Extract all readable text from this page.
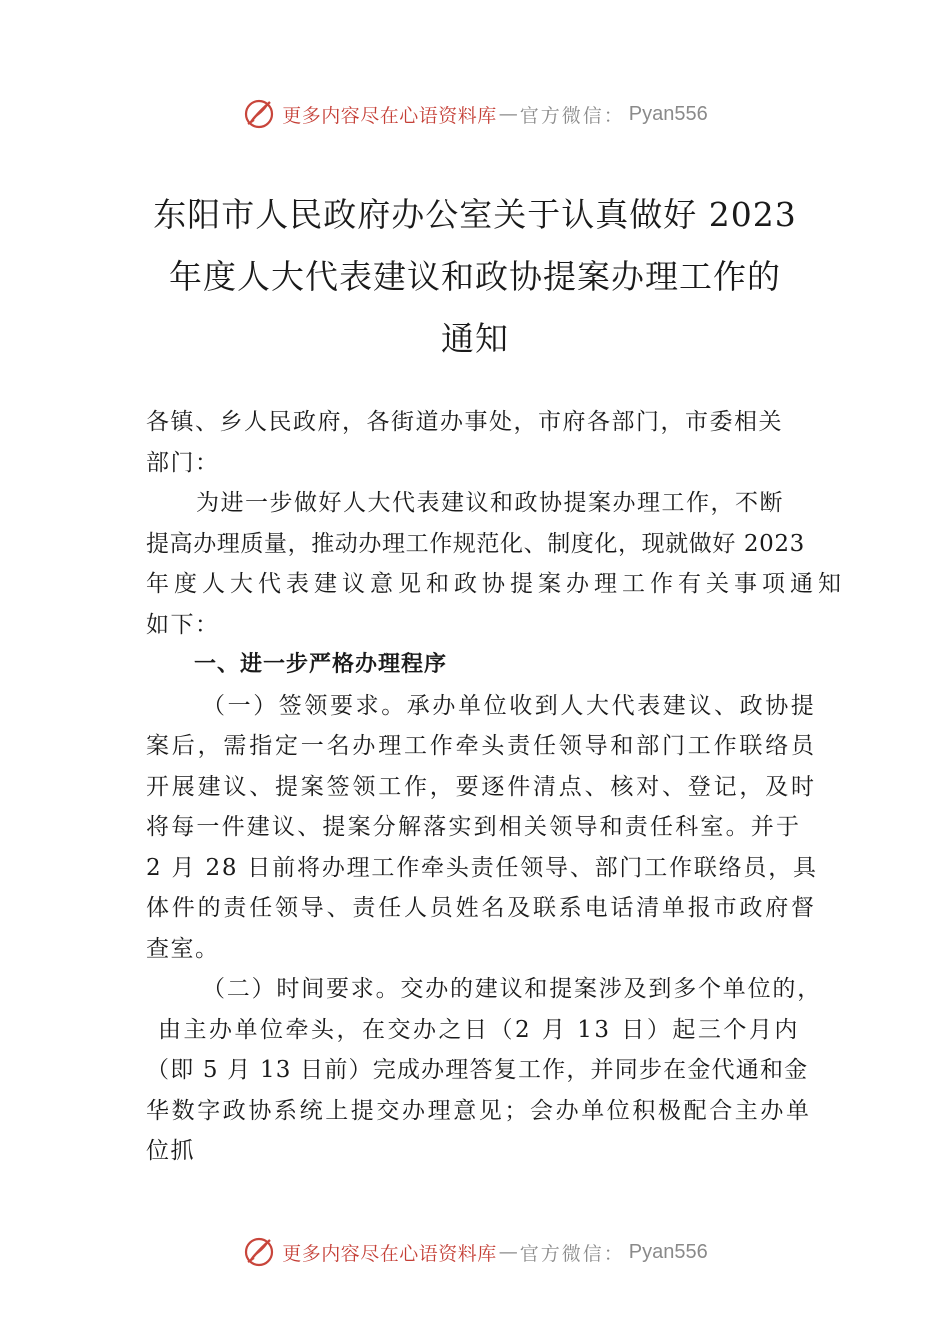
更多内容尽在心语资料库 — 官方微信： Pyan556
东阳市人民政府办公室关于认真做好 2023
年度人大代表建议和政协提案办理工作的
通知
各镇、乡人民政府，各街道办事处，市府各部门，市委相关
部门：
为进一步做好人大代表建议和政协提案办理工作，不断
提高办理质量，推动办理工作规范化、制度化，现就做好 2023
年度人大代表建议意见和政协提案办理工作有关事项通知
如下：
一、进一步严格办理程序
（一）签领要求。承办单位收到人大代表建议、政协提
案后，需指定一名办理工作牵头责任领导和部门工作联络员
开展建议、提案签领工作，要逐件清点、核对、登记，及时
将每一件建议、提案分解落实到相关领导和责任科室。并于
2 月 28 日前将办理工作牵头责任领导、部门工作联络员，具
体件的责任领导、责任人员姓名及联系电话清单报市政府督
查室。
（二）时间要求。交办的建议和提案涉及到多个单位的，
由主办单位牵头，在交办之日（2 月 13 日）起三个月内
（即 5 月 13 日前）完成办理答复工作，并同步在金代通和金
华数字政协系统上提交办理意见；会办单位积极配合主办单
位抓
更多内容尽在心语资料库 — 官方微信： Pyan556
